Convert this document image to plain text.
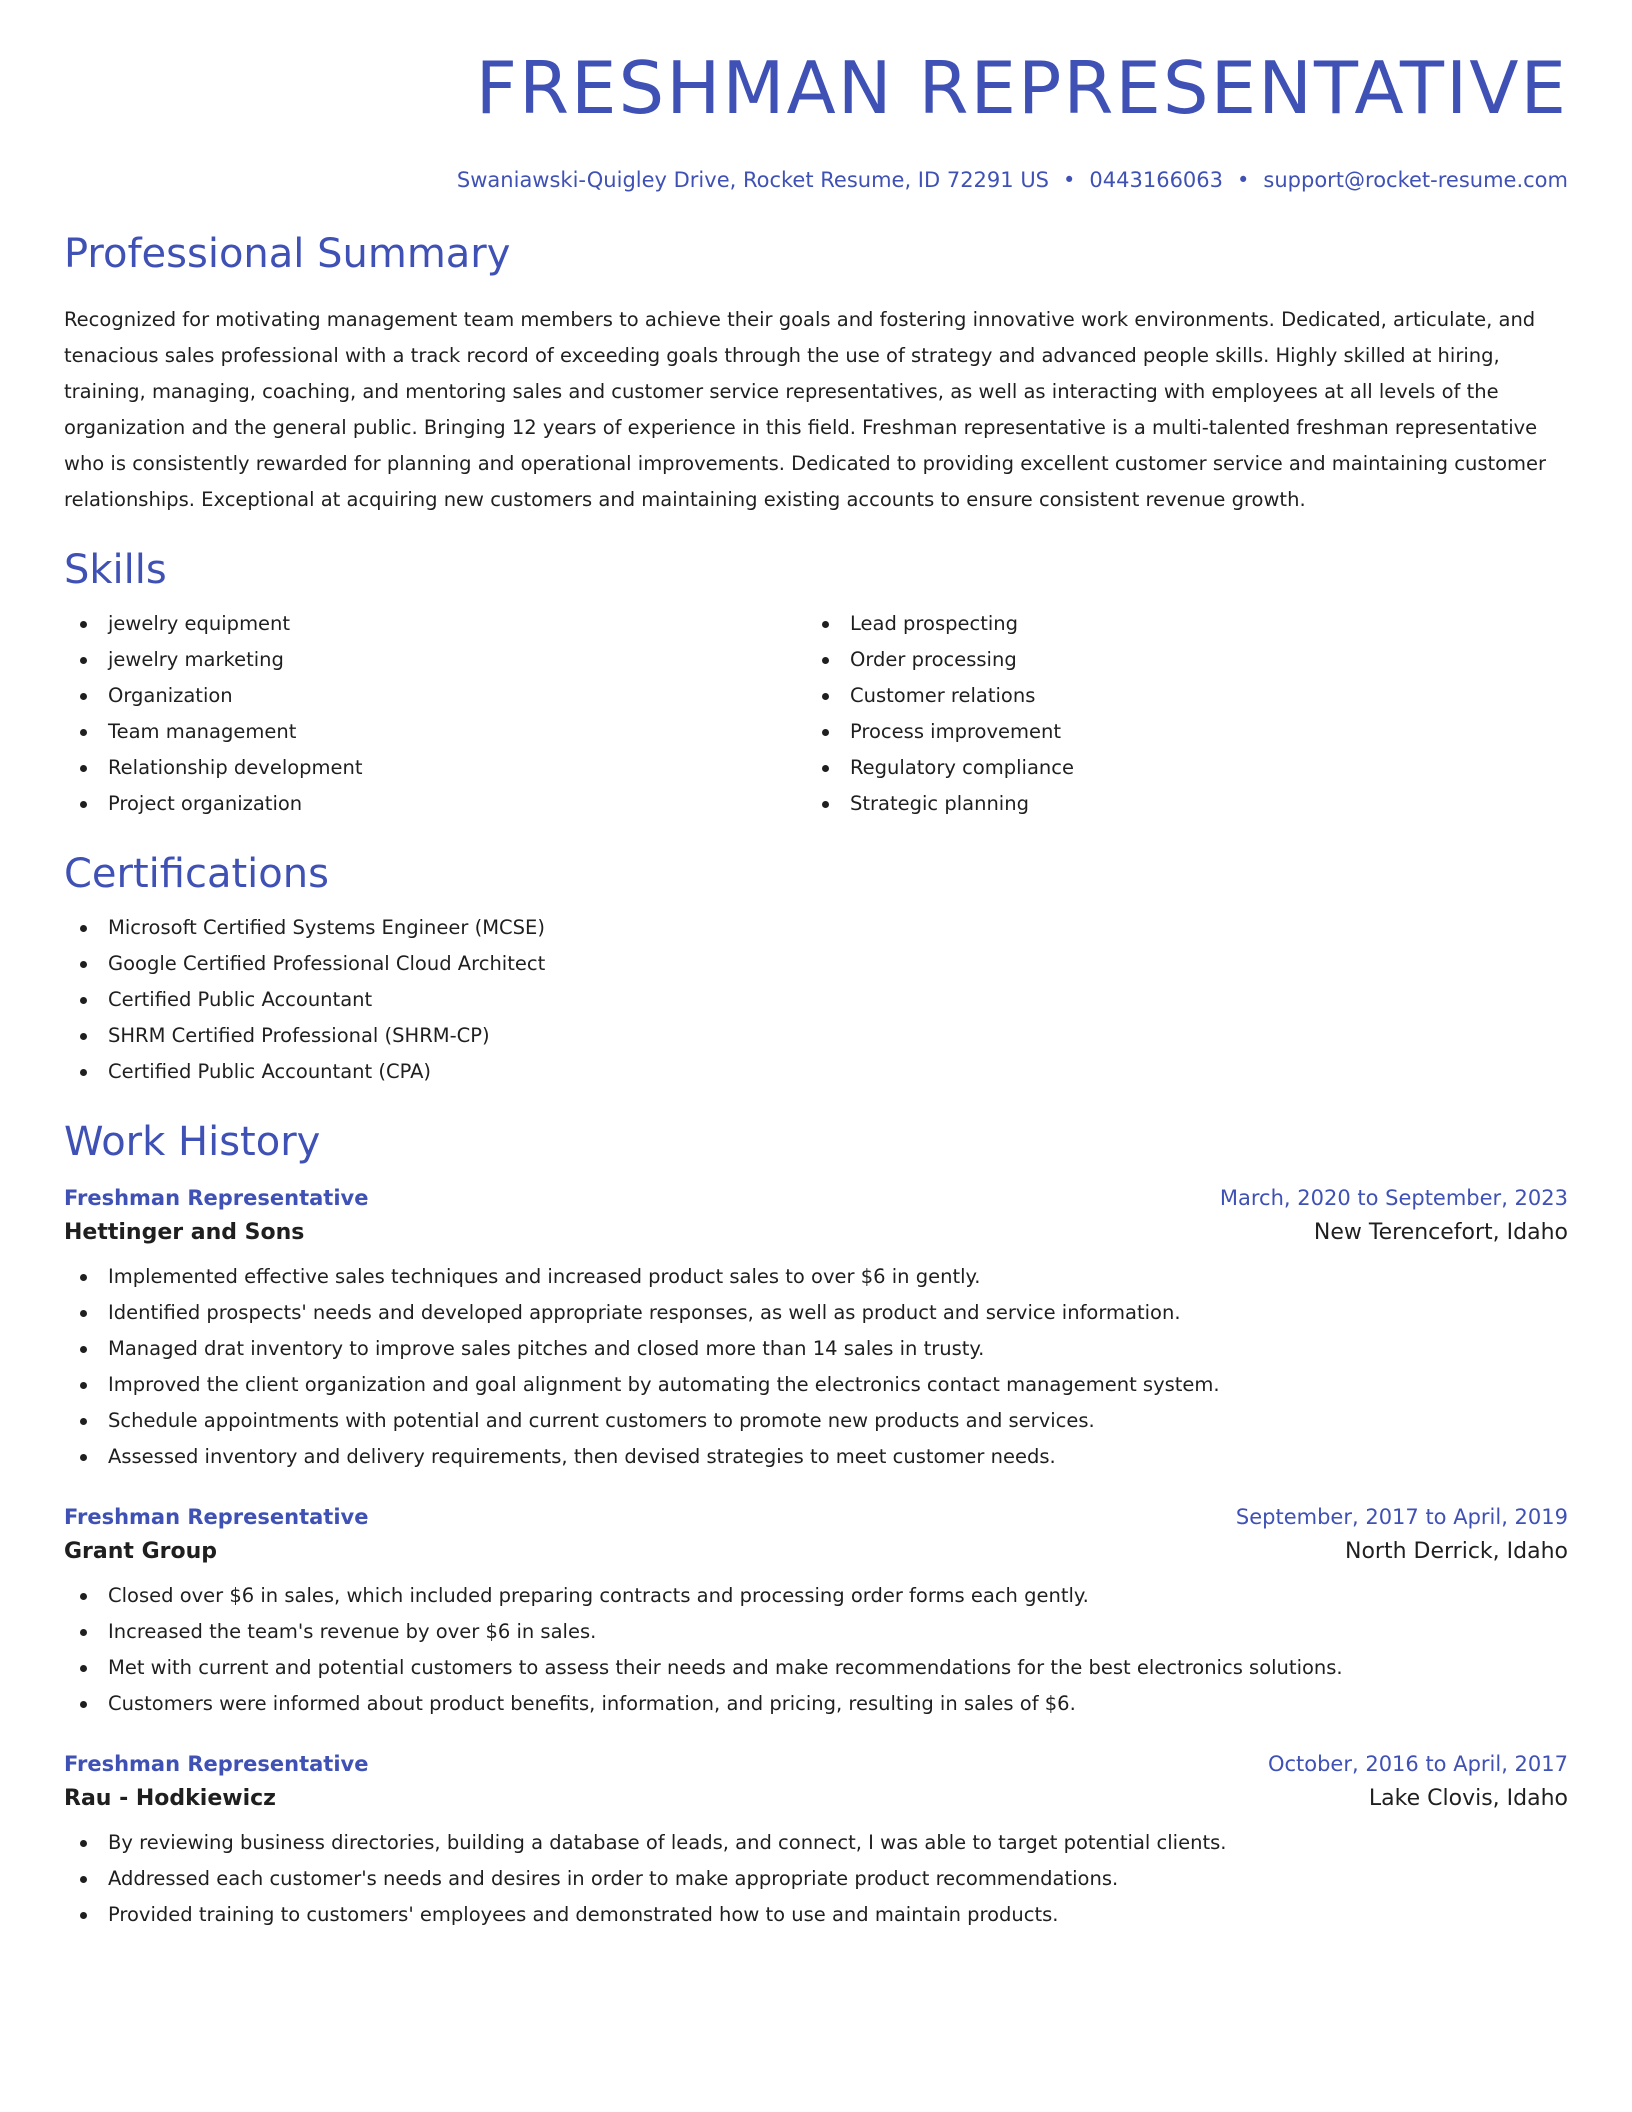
FRESHMAN REPRESENTATIVE
Swaniawski-Quigley Drive, Rocket Resume, ID 72291 US • 0443166063 • support@rocket-resume.com
Professional Summary

Recognized for motivating management team members to achieve their goals and fostering innovative work environments. Dedicated, articulate, and tenacious sales professional with a track record of exceeding goals through the use of strategy and advanced people skills. Highly skilled at hiring, training, managing, coaching, and mentoring sales and customer service representatives, as well as interacting with employees at all levels of the organization and the general public. Bringing 12 years of experience in this field. Freshman representative is a multi-talented freshman representative who is consistently rewarded for planning and operational improvements. Dedicated to providing excellent customer service and maintaining customer relationships. Exceptional at acquiring new customers and maintaining existing accounts to ensure consistent revenue growth.

Skills
jewelry equipment
jewelry marketing
Organization
Team management
Relationship development
Project organization
Lead prospecting
Order processing
Customer relations
Process improvement
Regulatory compliance
Strategic planning
Certifications
Microsoft Certified Systems Engineer (MCSE)
Google Certified Professional Cloud Architect
Certified Public Accountant
SHRM Certified Professional (SHRM-CP)
Certified Public Accountant (CPA)
Work History
Freshman Representative	March, 2020 to September, 2023
Hettinger and Sons	New Terencefort, Idaho
Implemented effective sales techniques and increased product sales to over $6 in gently.
Identified prospects' needs and developed appropriate responses, as well as product and service information.
Managed drat inventory to improve sales pitches and closed more than 14 sales in trusty.
Improved the client organization and goal alignment by automating the electronics contact management system.
Schedule appointments with potential and current customers to promote new products and services.
Assessed inventory and delivery requirements, then devised strategies to meet customer needs.
Freshman Representative	September, 2017 to April, 2019
Grant Group	North Derrick, Idaho
Closed over $6 in sales, which included preparing contracts and processing order forms each gently.
Increased the team's revenue by over $6 in sales.
Met with current and potential customers to assess their needs and make recommendations for the best electronics solutions.
Customers were informed about product benefits, information, and pricing, resulting in sales of $6.
Freshman Representative	October, 2016 to April, 2017
Rau - Hodkiewicz	Lake Clovis, Idaho
By reviewing business directories, building a database of leads, and connect, I was able to target potential clients.
Addressed each customer's needs and desires in order to make appropriate product recommendations.
Provided training to customers' employees and demonstrated how to use and maintain products.
